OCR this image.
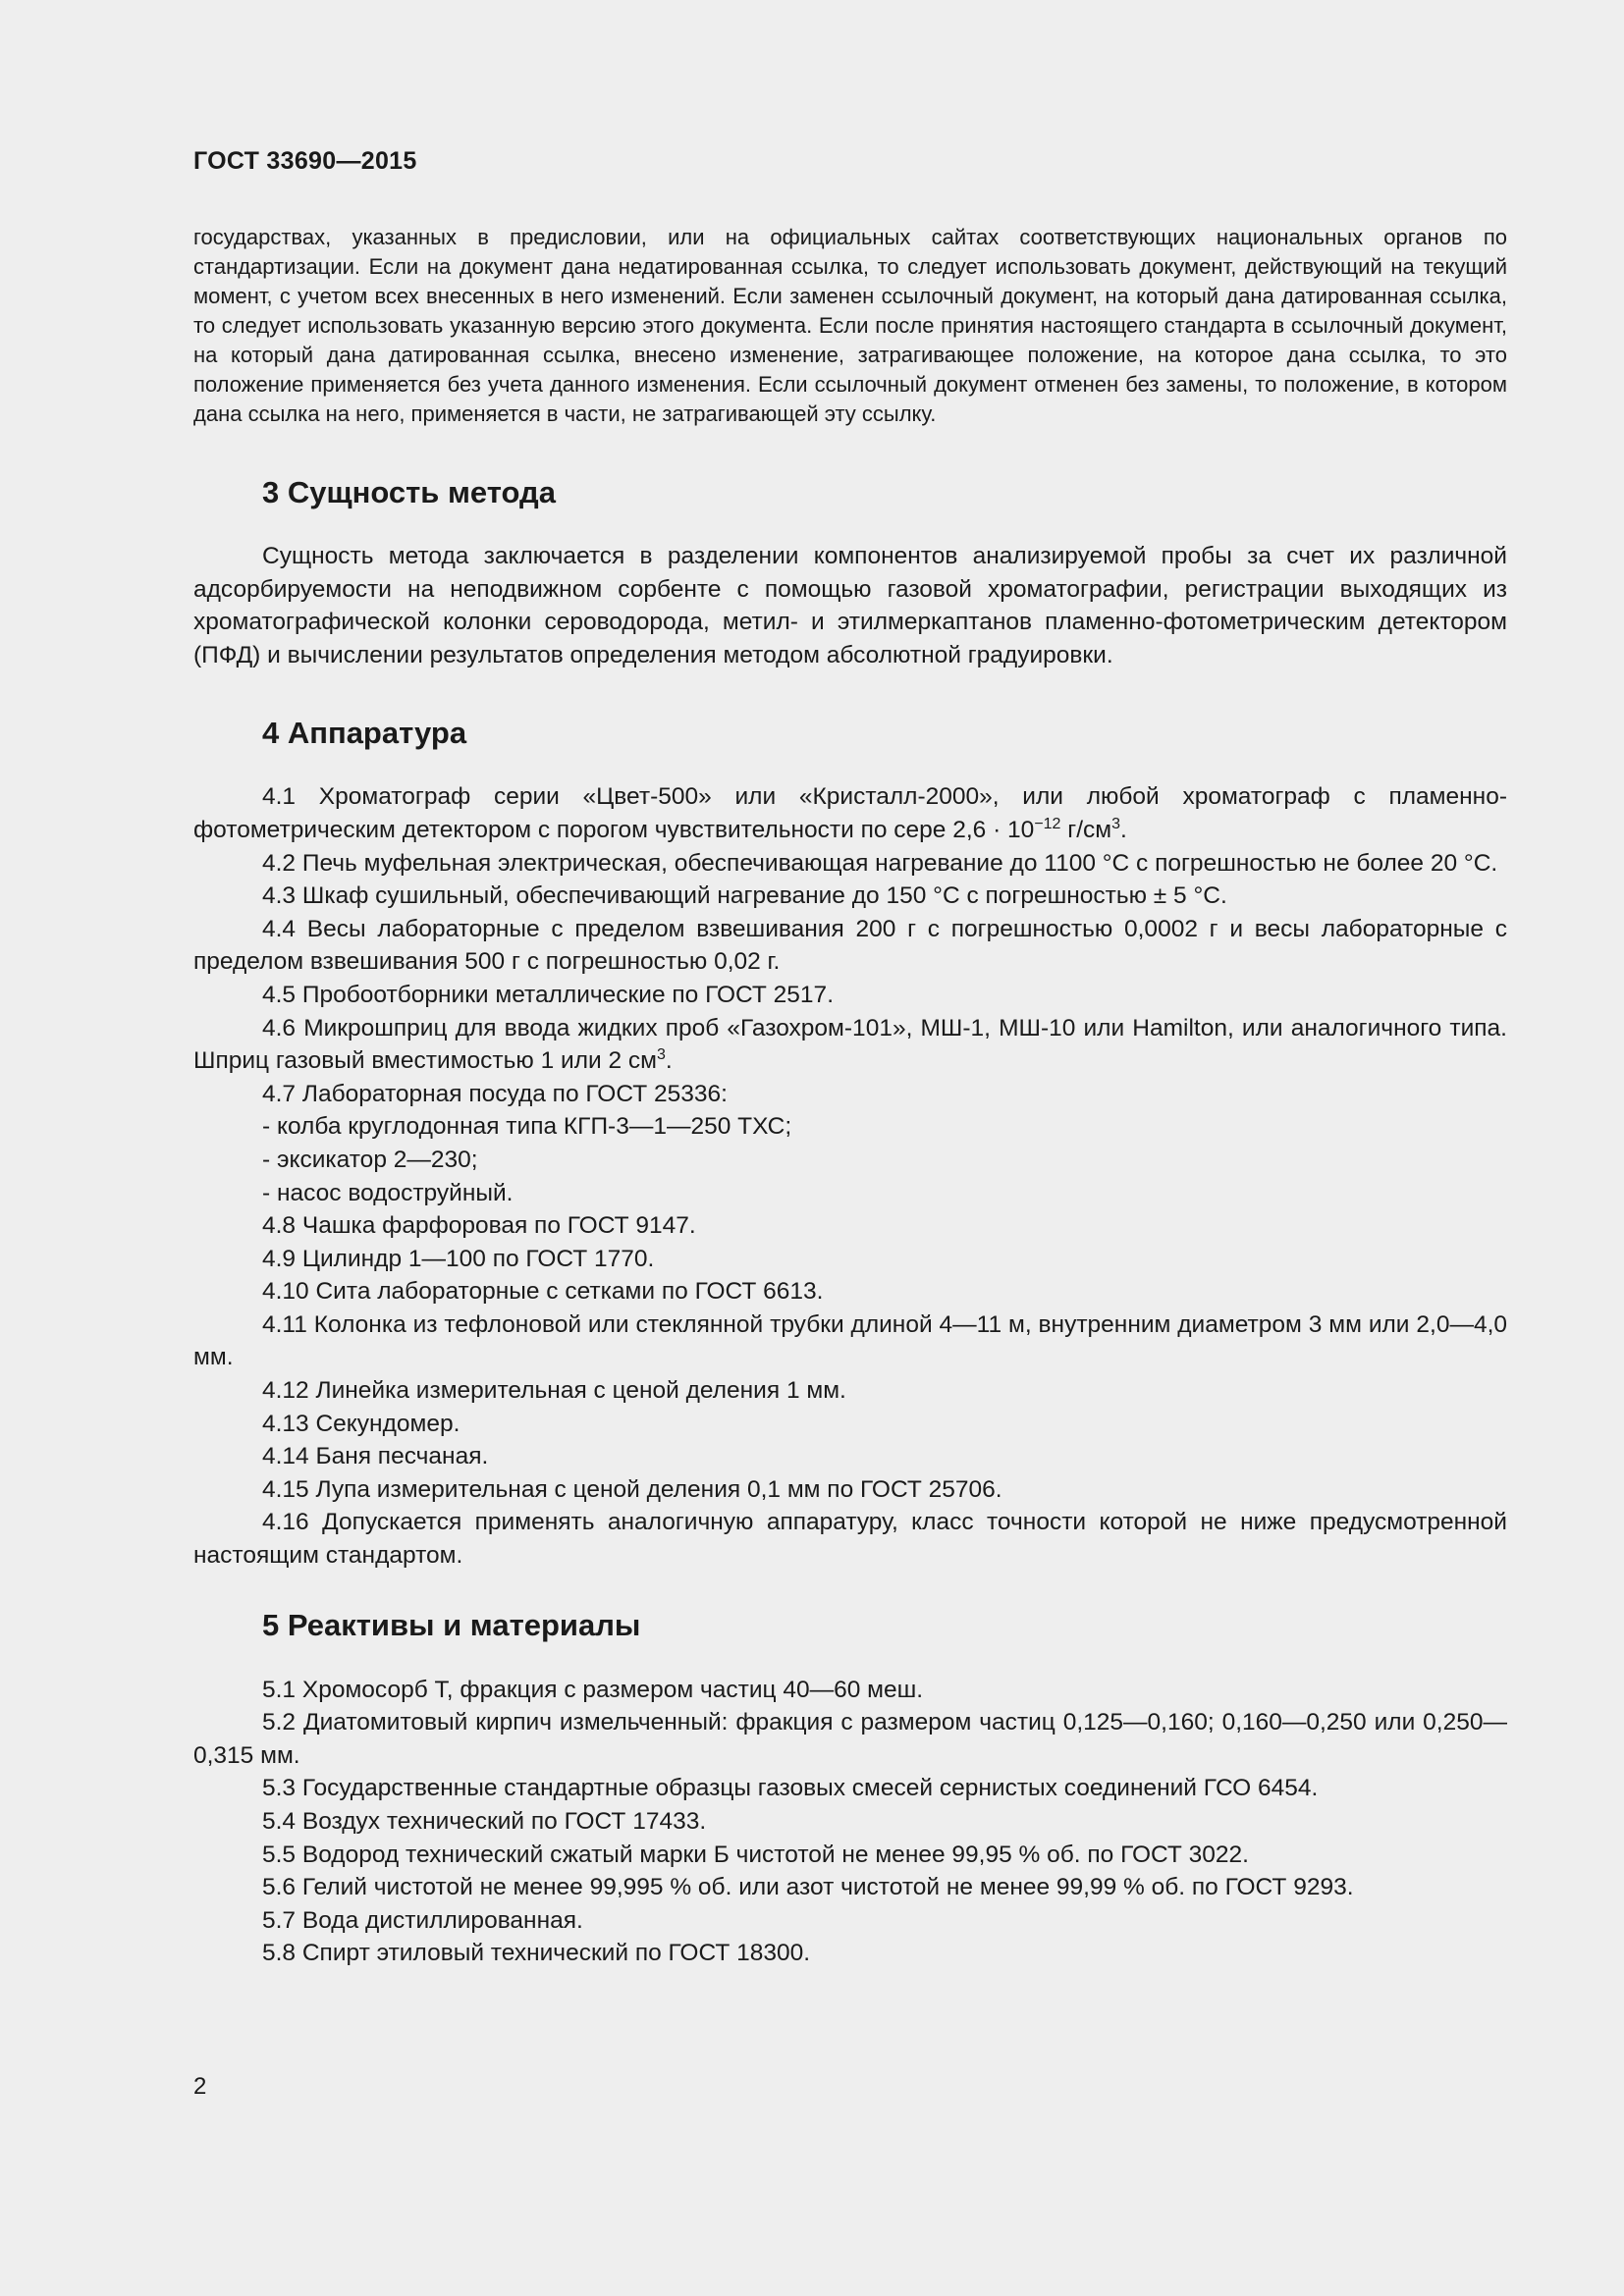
ГОСТ 33690—2015

государствах, указанных в предисловии, или на официальных сайтах соответствующих национальных органов по стандартизации. Если на документ дана недатированная ссылка, то следует использовать документ, действующий на текущий момент, с учетом всех внесенных в него изменений. Если заменен ссылочный документ, на который дана датированная ссылка, то следует использовать указанную версию этого документа. Если после принятия настоящего стандарта в ссылочный документ, на который дана датированная ссылка, внесено изменение, затрагивающее положение, на которое дана ссылка, то это положение применяется без учета данного изменения. Если ссылочный документ отменен без замены, то положение, в котором дана ссылка на него, применяется в части, не затрагивающей эту ссылку.

3 Сущность метода

Сущность метода заключается в разделении компонентов анализируемой пробы за счет их различной адсорбируемости на неподвижном сорбенте с помощью газовой хроматографии, регистрации выходящих из хроматографической колонки сероводорода, метил- и этилмеркаптанов пламенно-фотометрическим детектором (ПФД) и вычислении результатов определения методом абсолютной градуировки.

4 Аппаратура

4.1 Хроматограф серии «Цвет-500» или «Кристалл-2000», или любой хроматограф с пламенно-фотометрическим детектором с порогом чувствительности по сере $2,6 \cdot 10^{-12}$ $г/см^3$.

4.2 Печь муфельная электрическая, обеспечивающая нагревание до 1100 °С с погрешностью не более 20 °С.

4.3 Шкаф сушильный, обеспечивающий нагревание до 150 °С с погрешностью ± 5 °С.

4.4 Весы лабораторные с пределом взвешивания 200 г с погрешностью 0,0002 г и весы лабораторные с пределом взвешивания 500 г с погрешностью 0,02 г.

4.5 Пробоотборники металлические по ГОСТ 2517.

4.6 Микрошприц для ввода жидких проб «Газохром-101», МШ-1, МШ-10 или Hamilton, или аналогичного типа. Шприц газовый вместимостью 1 или 2 $см^3$.

4.7 Лабораторная посуда по ГОСТ 25336:

- колба круглодонная типа КГП-3—1—250 ТХС;

- эксикатор 2—230;

- насос водоструйный.

4.8 Чашка фарфоровая по ГОСТ 9147.

4.9 Цилиндр 1—100 по ГОСТ 1770.

4.10 Сита лабораторные с сетками по ГОСТ 6613.

4.11 Колонка из тефлоновой или стеклянной трубки длиной 4—11 м, внутренним диаметром 3 мм или 2,0—4,0 мм.

4.12 Линейка измерительная с ценой деления 1 мм.

4.13 Секундомер.

4.14 Баня песчаная.

4.15 Лупа измерительная с ценой деления 0,1 мм по ГОСТ 25706.

4.16 Допускается применять аналогичную аппаратуру, класс точности которой не ниже предусмотренной настоящим стандартом.

5 Реактивы и материалы

5.1 Хромосорб Т, фракция с размером частиц 40—60 меш.

5.2 Диатомитовый кирпич измельченный: фракция с размером частиц 0,125—0,160; 0,160—0,250 или 0,250—0,315 мм.

5.3 Государственные стандартные образцы газовых смесей сернистых соединений ГСО 6454.

5.4 Воздух технический по ГОСТ 17433.

5.5 Водород технический сжатый марки Б чистотой не менее 99,95 % об. по ГОСТ 3022.

5.6 Гелий чистотой не менее 99,995 % об. или азот чистотой не менее 99,99 % об. по ГОСТ 9293.

5.7 Вода дистиллированная.

5.8 Спирт этиловый технический по ГОСТ 18300.

2
